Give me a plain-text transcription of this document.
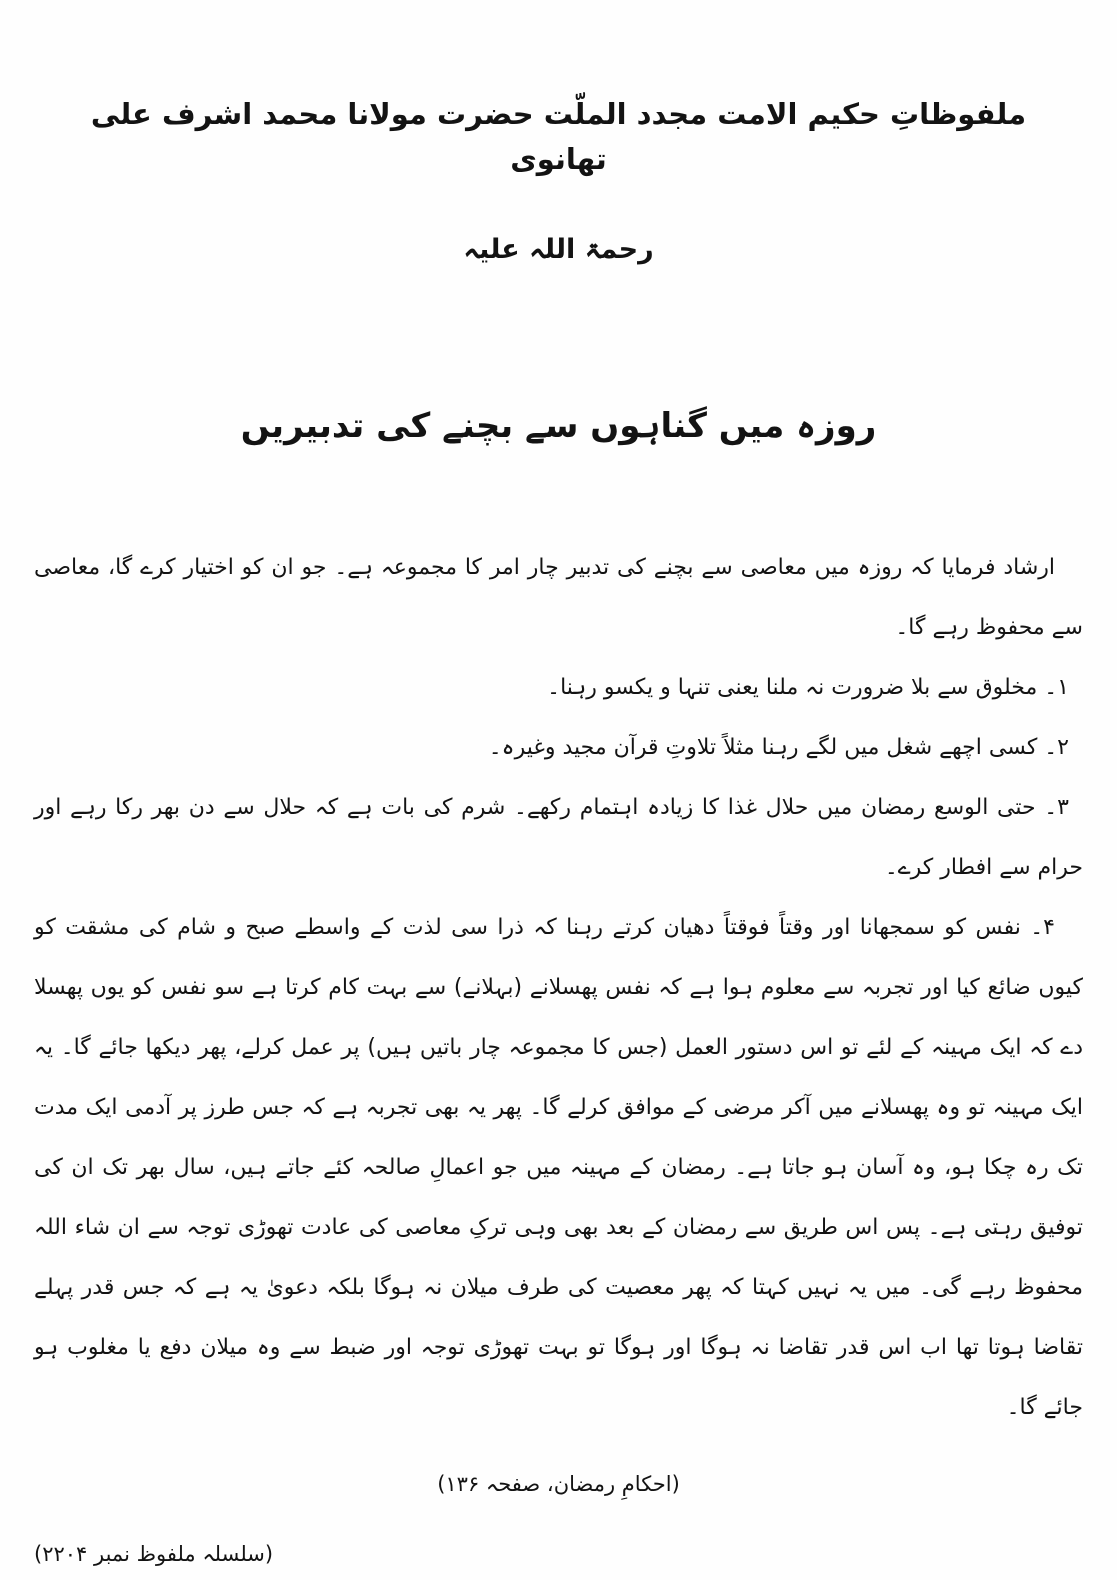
ملفوظاتِ حکیم الامت مجدد الملّت حضرت مولانا محمد اشرف علی تھانوی
رحمۃ اللہ علیہ
روزہ میں گناہوں سے بچنے کی تدبیریں

ارشاد فرمایا کہ روزہ میں معاصی سے بچنے کی تدبیر چار امر کا مجموعہ ہے۔ جو ان کو اختیار کرے گا، معاصی سے محفوظ رہے گا۔

۱۔ مخلوق سے بلا ضرورت نہ ملنا یعنی تنہا و یکسو رہنا۔

۲۔ کسی اچھے شغل میں لگے رہنا مثلاً تلاوتِ قرآن مجید وغیرہ۔

۳۔ حتی الوسع رمضان میں حلال غذا کا زیادہ اہتمام رکھے۔ شرم کی بات ہے کہ حلال سے دن بھر رکا رہے اور حرام سے افطار کرے۔

۴۔ نفس کو سمجھانا اور وقتاً فوقتاً دھیان کرتے رہنا کہ ذرا سی لذت کے واسطے صبح و شام کی مشقت کو کیوں ضائع کیا اور تجربہ سے معلوم ہوا ہے کہ نفس پھسلانے (بہلانے) سے بہت کام کرتا ہے سو نفس کو یوں پھسلا دے کہ ایک مہینہ کے لئے تو اس دستور العمل (جس کا مجموعہ چار باتیں ہیں) پر عمل کرلے، پھر دیکھا جائے گا۔ یہ ایک مہینہ تو وہ پھسلانے میں آکر مرضی کے موافق کرلے گا۔ پھر یہ بھی تجربہ ہے کہ جس طرز پر آدمی ایک مدت تک رہ چکا ہو، وہ آسان ہو جاتا ہے۔ رمضان کے مہینہ میں جو اعمالِ صالحہ کئے جاتے ہیں، سال بھر تک ان کی توفیق رہتی ہے۔ پس اس طریق سے رمضان کے بعد بھی وہی ترکِ معاصی کی عادت تھوڑی توجہ سے ان شاء اللہ محفوظ رہے گی۔ میں یہ نہیں کہتا کہ پھر معصیت کی طرف میلان نہ ہوگا بلکہ دعویٰ یہ ہے کہ جس قدر پہلے تقاضا ہوتا تھا اب اس قدر تقاضا نہ ہوگا اور ہوگا تو بہت تھوڑی توجہ اور ضبط سے وہ میلان دفع یا مغلوب ہو جائے گا۔

(احکامِ رمضان، صفحہ ۱۳۶)
(سلسلہ ملفوظ نمبر ۲۲۰۴)
